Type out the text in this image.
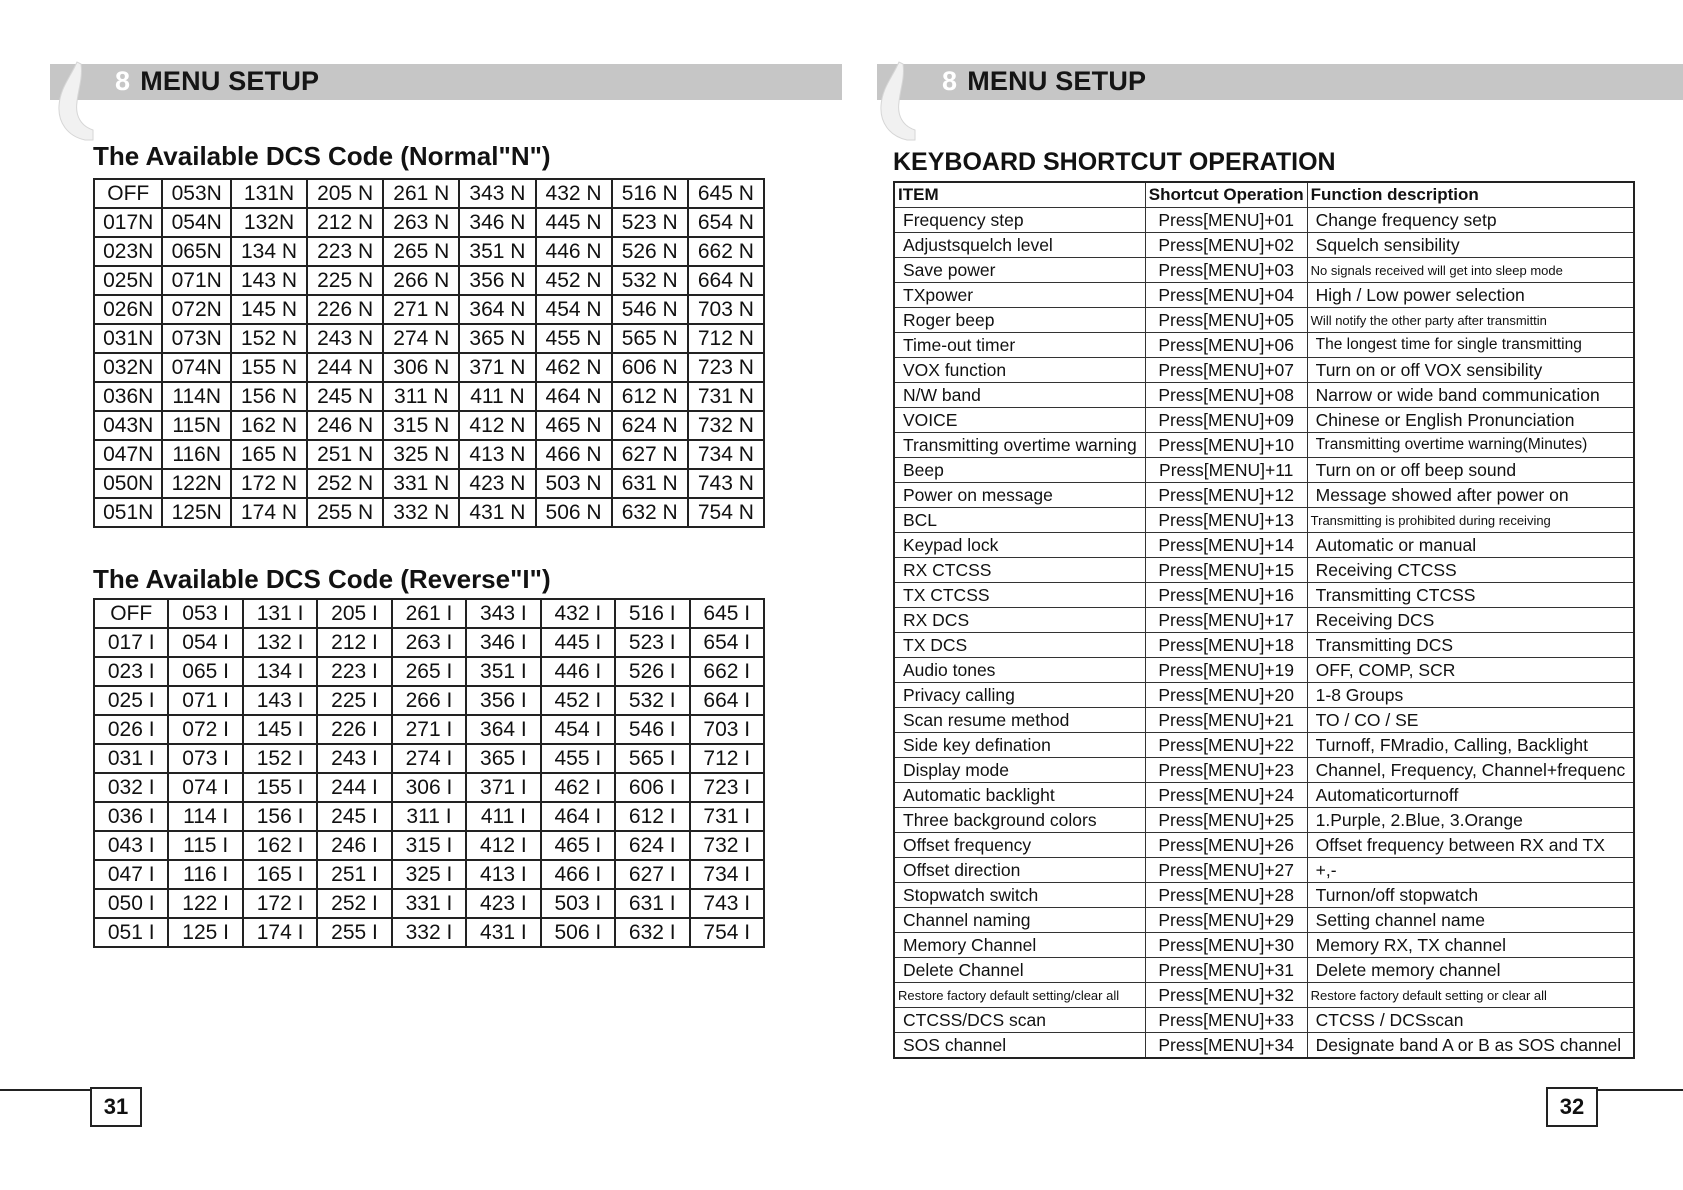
8 MENU SETUP
The Available DCS Code (Normal"N")
OFF	053N	131N	205 N	261 N	343 N	432 N	516 N	645 N
017N	054N	132N	212 N	263 N	346 N	445 N	523 N	654 N
023N	065N	134 N	223 N	265 N	351 N	446 N	526 N	662 N
025N	071N	143 N	225 N	266 N	356 N	452 N	532 N	664 N
026N	072N	145 N	226 N	271 N	364 N	454 N	546 N	703 N
031N	073N	152 N	243 N	274 N	365 N	455 N	565 N	712 N
032N	074N	155 N	244 N	306 N	371 N	462 N	606 N	723 N
036N	114N	156 N	245 N	311 N	411 N	464 N	612 N	731 N
043N	115N	162 N	246 N	315 N	412 N	465 N	624 N	732 N
047N	116N	165 N	251 N	325 N	413 N	466 N	627 N	734 N
050N	122N	172 N	252 N	331 N	423 N	503 N	631 N	743 N
051N	125N	174 N	255 N	332 N	431 N	506 N	632 N	754 N
The Available DCS Code (Reverse"I")
OFF	053 I	131 I	205 I	261 I	343 I	432 I	516 I	645 I
017 I	054 I	132 I	212 I	263 I	346 I	445 I	523 I	654 I
023 I	065 I	134 I	223 I	265 I	351 I	446 I	526 I	662 I
025 I	071 I	143 I	225 I	266 I	356 I	452 I	532 I	664 I
026 I	072 I	145 I	226 I	271 I	364 I	454 I	546 I	703 I
031 I	073 I	152 I	243 I	274 I	365 I	455 I	565 I	712 I
032 I	074 I	155 I	244 I	306 I	371 I	462 I	606 I	723 I
036 I	114 I	156 I	245 I	311 I	411 I	464 I	612 I	731 I
043 I	115 I	162 I	246 I	315 I	412 I	465 I	624 I	732 I
047 I	116 I	165 I	251 I	325 I	413 I	466 I	627 I	734 I
050 I	122 I	172 I	252 I	331 I	423 I	503 I	631 I	743 I
051 I	125 I	174 I	255 I	332 I	431 I	506 I	632 I	754 I
31
8 MENU SETUP
KEYBOARD SHORTCUT OPERATION
ITEM	Shortcut Operation	Function description
Frequency step	Press[MENU]+01	Change frequency setp
Adjustsquelch level	Press[MENU]+02	Squelch sensibility
Save power	Press[MENU]+03	No signals received will get into sleep mode
TXpower	Press[MENU]+04	High / Low power selection
Roger beep	Press[MENU]+05	Will notify the other party after transmittin
Time-out timer	Press[MENU]+06	The longest time for single transmitting
VOX function	Press[MENU]+07	Turn on or off VOX sensibility
N/W band	Press[MENU]+08	Narrow or wide band communication
VOICE	Press[MENU]+09	Chinese or English Pronunciation
Transmitting overtime warning	Press[MENU]+10	Transmitting overtime warning(Minutes)
Beep	Press[MENU]+11	Turn on or off beep sound
Power on message	Press[MENU]+12	Message showed after power on
BCL	Press[MENU]+13	Transmitting is prohibited during receiving
Keypad lock	Press[MENU]+14	Automatic or manual
RX CTCSS	Press[MENU]+15	Receiving CTCSS
TX CTCSS	Press[MENU]+16	Transmitting CTCSS
RX DCS	Press[MENU]+17	Receiving DCS
TX DCS	Press[MENU]+18	Transmitting DCS
Audio tones	Press[MENU]+19	OFF, COMP, SCR
Privacy calling	Press[MENU]+20	1-8 Groups
Scan resume method	Press[MENU]+21	TO / CO / SE
Side key defination	Press[MENU]+22	Turnoff, FMradio, Calling, Backlight
Display mode	Press[MENU]+23	Channel, Frequency, Channel+frequenc
Automatic backlight	Press[MENU]+24	Automaticorturnoff
Three background colors	Press[MENU]+25	1.Purple, 2.Blue, 3.Orange
Offset frequency	Press[MENU]+26	Offset frequency between RX and TX
Offset direction	Press[MENU]+27	+,-
Stopwatch switch	Press[MENU]+28	Turnon/off stopwatch
Channel naming	Press[MENU]+29	Setting channel name
Memory Channel	Press[MENU]+30	Memory RX, TX channel
Delete Channel	Press[MENU]+31	Delete memory channel
Restore factory default setting/clear all	Press[MENU]+32	Restore factory default setting or clear all
CTCSS/DCS scan	Press[MENU]+33	CTCSS / DCSscan
SOS channel	Press[MENU]+34	Designate band A or B as SOS channel
32
